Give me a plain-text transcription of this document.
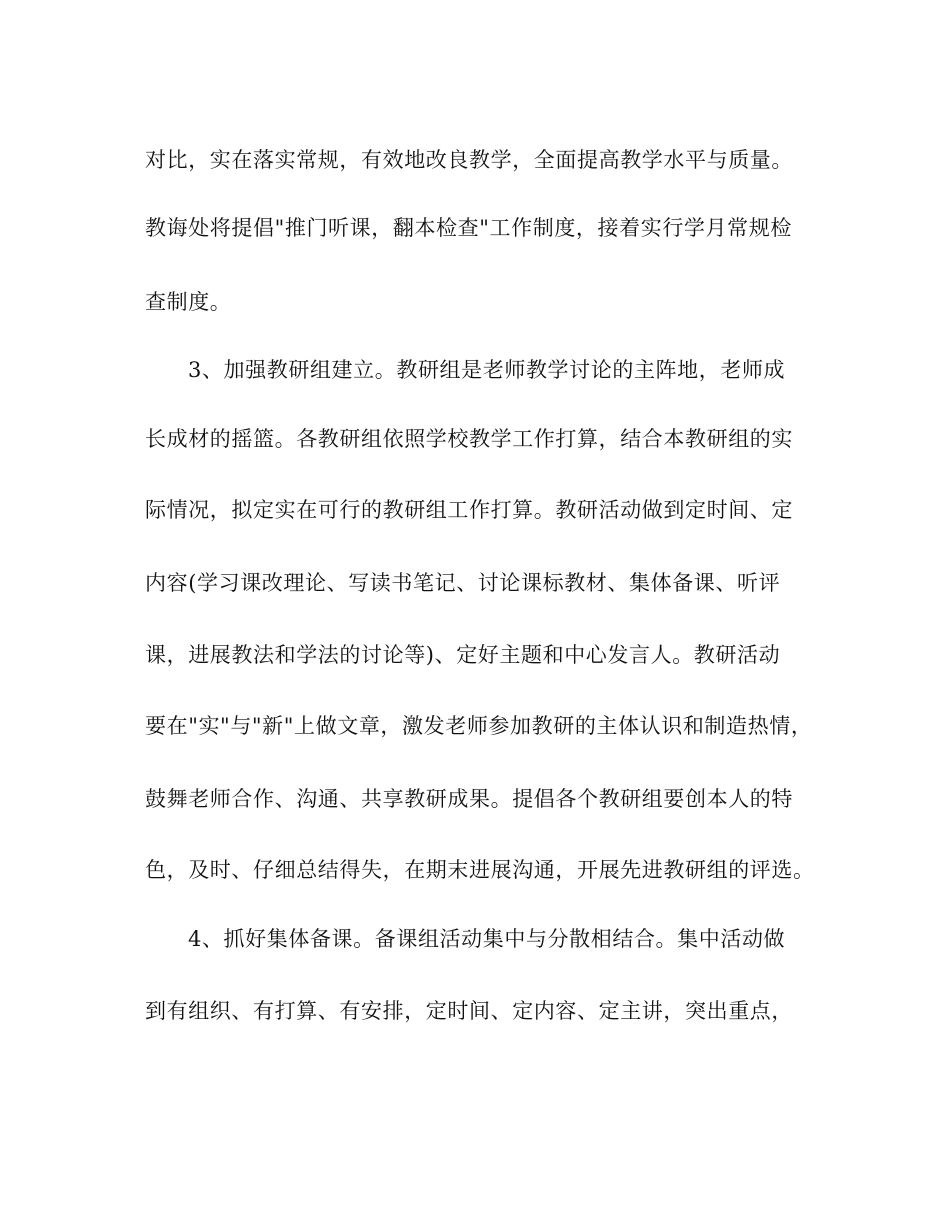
对比，实在落实常规，有效地改良教学，全面提高教学水平与质量。

教诲处将提倡"推门听课，翻本检查"工作制度，接着实行学月常规检

查制度。

3、加强教研组建立。教研组是老师教学讨论的主阵地，老师成

长成材的摇篮。各教研组依照学校教学工作打算，结合本教研组的实

际情况，拟定实在可行的教研组工作打算。教研活动做到定时间、定

内容(学习课改理论、写读书笔记、讨论课标教材、集体备课、听评

课，进展教法和学法的讨论等)、定好主题和中心发言人。教研活动

要在"实"与"新"上做文章，激发老师参加教研的主体认识和制造热情，

鼓舞老师合作、沟通、共享教研成果。提倡各个教研组要创本人的特

色，及时、仔细总结得失，在期末进展沟通，开展先进教研组的评选。

4、抓好集体备课。备课组活动集中与分散相结合。集中活动做

到有组织、有打算、有安排，定时间、定内容、定主讲，突出重点，
